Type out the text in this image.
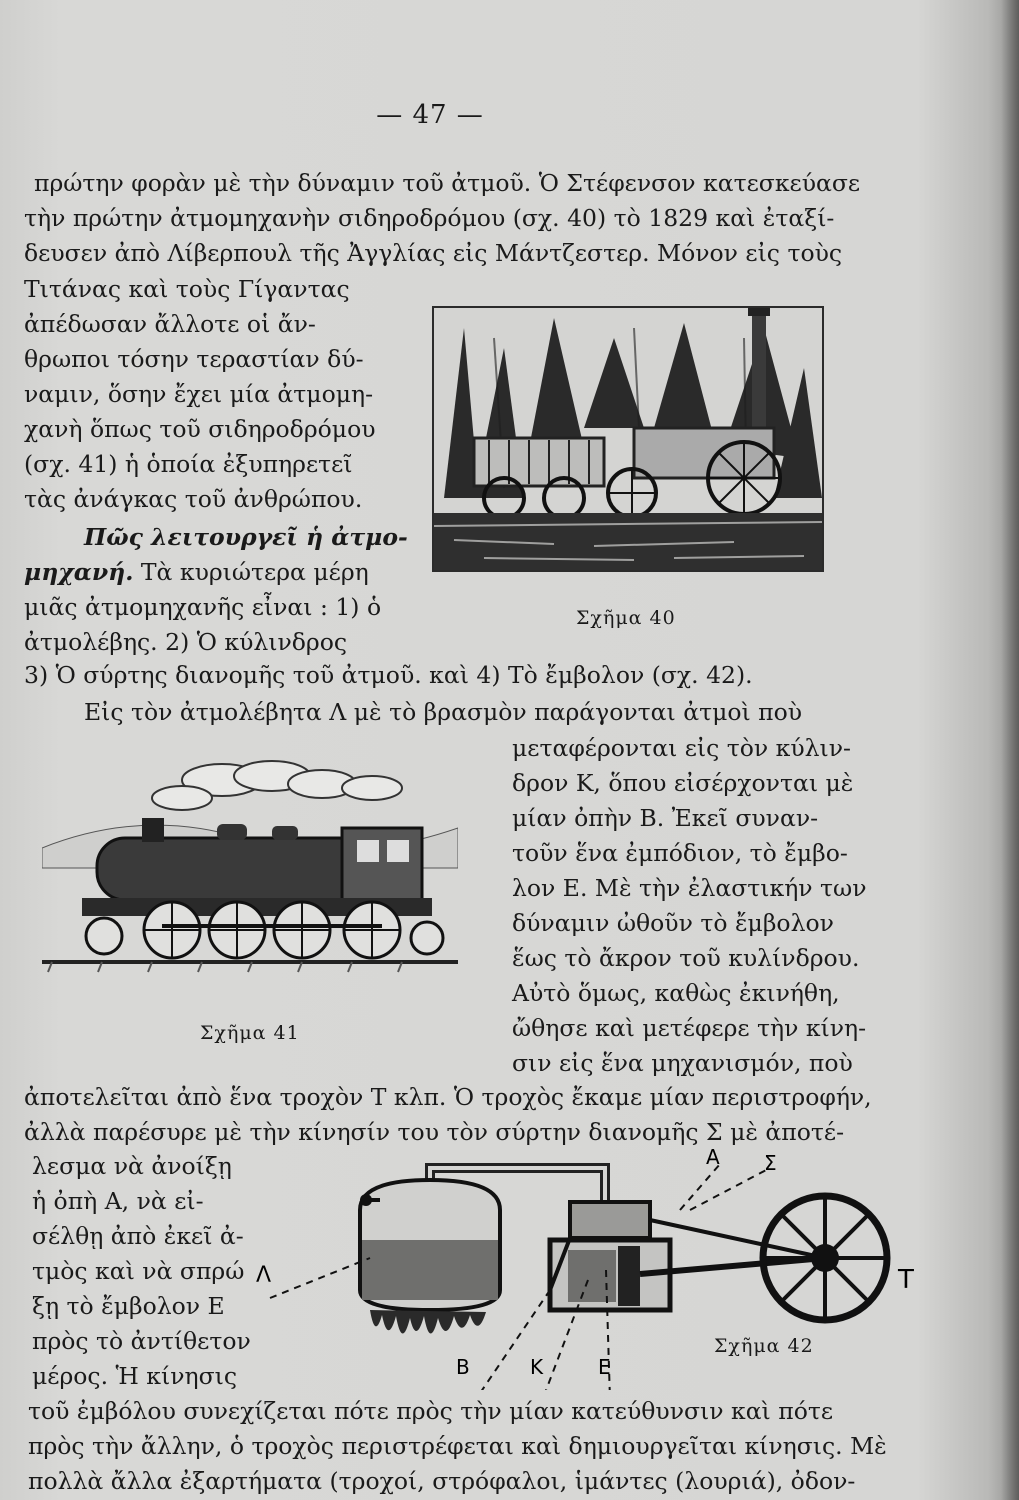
— 47 —
πρώτην φορὰν μὲ τὴν δύναμιν τοῦ ἀτμοῦ. Ὁ Στέφενσον κατεσκεύασε
τὴν πρώτην ἀτμομηχανὴν σιδηροδρόμου (σχ. 40) τὸ 1829 καὶ ἐταξί-
δευσεν ἀπὸ Λίβερπουλ τῆς Ἀγγλίας εἰς Μάντζεστερ. Μόνον εἰς τοὺς
Τιτάνας καὶ τοὺς Γίγαντας
ἀπέδωσαν ἄλλοτε οἱ ἄν-
θρωποι τόσην τεραστίαν δύ-
ναμιν, ὅσην ἔχει μία ἀτμομη-
χανὴ ὅπως τοῦ σιδηροδρόμου
(σχ. 41) ἡ ὁποία ἐξυπηρετεῖ
τὰς ἀνάγκας τοῦ ἀνθρώπου.
Πῶς λειτουργεῖ ἡ ἀτμο-
μηχανή. Τὰ κυριώτερα μέρη
μιᾶς ἀτμομηχανῆς εἶναι : 1) ὁ
ἀτμολέβης. 2) Ὁ κύλινδρος
3) Ὁ σύρτης διανομῆς τοῦ ἀτμοῦ. καὶ 4) Τὸ ἔμβολον (σχ. 42).
Εἰς τὸν ἀτμολέβητα Λ μὲ τὸ βρασμὸν παράγονται ἀτμοὶ ποὺ
μεταφέρονται εἰς τὸν κύλιν-
δρον Κ, ὅπου εἰσέρχονται μὲ
μίαν ὀπὴν Β. Ἐκεῖ συναν-
τοῦν ἕνα ἐμπόδιον, τὸ ἔμβο-
λον Ε. Μὲ τὴν ἐλαστικήν των
δύναμιν ὠθοῦν τὸ ἔμβολον
ἕως τὸ ἄκρον τοῦ κυλίνδρου.
Αὐτὸ ὅμως, καθὼς ἐκινήθη,
ὤθησε καὶ μετέφερε τὴν κίνη-
σιν εἰς ἕνα μηχανισμόν, ποὺ
ἀποτελεῖται ἀπὸ ἕνα τροχὸν Τ κλπ. Ὁ τροχὸς ἔκαμε μίαν περιστροφήν,
ἀλλὰ παρέσυρε μὲ τὴν κίνησίν του τὸν σύρτην διανομῆς Σ μὲ ἀποτέ-
λεσμα νὰ ἀνοίξῃ
ἡ ὀπὴ Α, νὰ εἰ-
σέλθῃ ἀπὸ ἐκεῖ ἀ-
τμὸς καὶ νὰ σπρώ
ξῃ τὸ ἔμβολον Ε
πρὸς τὸ ἀντίθετον
μέρος. Ἡ κίνησις
τοῦ ἐμβόλου συνεχίζεται πότε πρὸς τὴν μίαν κατεύθυνσιν καὶ πότε
πρὸς τὴν ἄλλην, ὁ τροχὸς περιστρέφεται καὶ δημιουργεῖται κίνησις. Μὲ
πολλὰ ἄλλα ἐξαρτήματα (τροχοί, στρόφαλοι, ἱμάντες (λουριά), ὀδον-
Σχῆμα 40
Σχῆμα 41
Α Σ
Λ	Τ
Β	Κ	Ε
Σχῆμα 42
